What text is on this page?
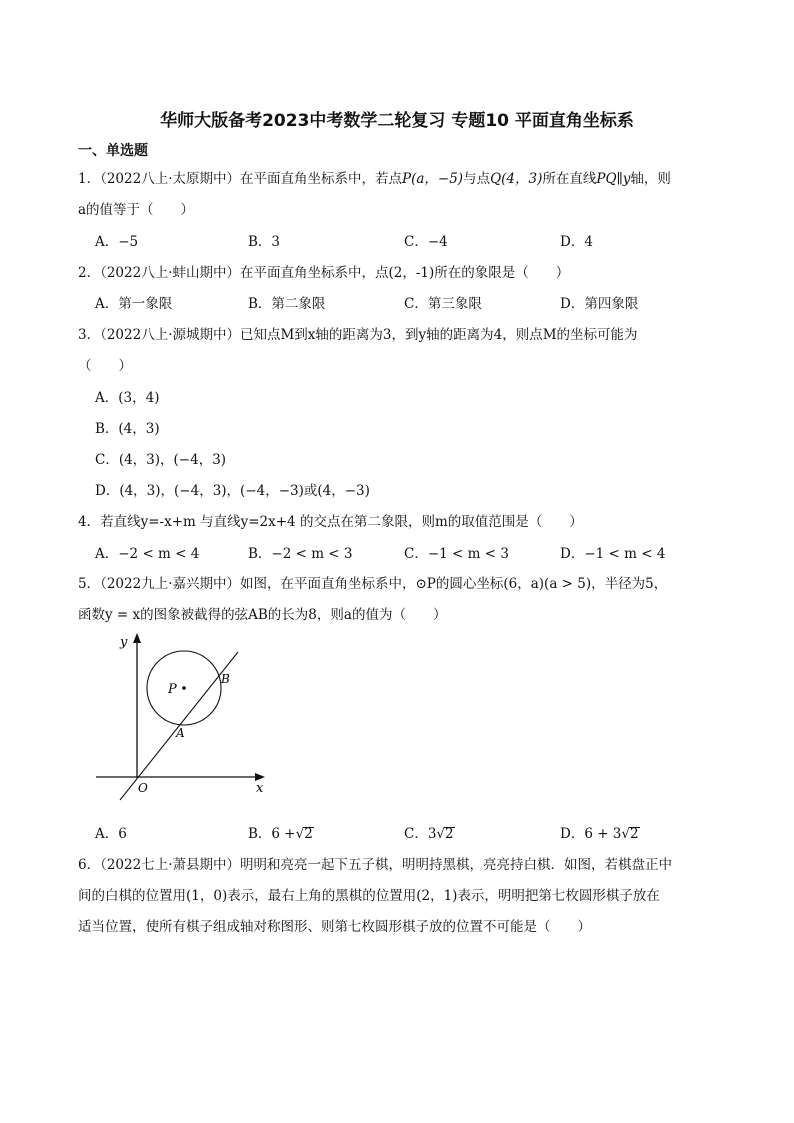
华师大版备考2023中考数学二轮复习 专题10 平面直角坐标系
一、单选题
1．（2022八上·太原期中）在平面直角坐标系中，若点P(a，−5)与点Q(4，3)所在直线PQ∥y轴，则
a的值等于（　　）
A．−5	B．3	C．−4	D．4
2．（2022八上·蚌山期中）在平面直角坐标系中，点(2，-1)所在的象限是（　　）
A．第一象限	B．第二象限	C．第三象限	D．第四象限
3．（2022八上·源城期中）已知点M到x轴的距离为3，到y轴的距离为4，则点M的坐标可能为
（　　）
A．(3，4)
B．(4，3)
C．(4，3)，(−4，3)
D．(4，3)，(−4，3)，(−4，−3)或(4，−3)
4．若直线y=-x+m 与直线y=2x+4 的交点在第二象限，则m的取值范围是（　　）
A．−2 < m < 4	B．−2 < m < 3	C．−1 < m < 3	D．−1 < m < 4
5．（2022九上·嘉兴期中）如图，在平面直角坐标系中，⊙P的圆心坐标(6，a)(a > 5)，半径为5，
函数y = x的图象被截得的弦AB的长为8，则a的值为（　　）
y
x
O
P
A
B
A．6	B．6 +√2	C．3√2	D．6 + 3√2
6．（2022七上·萧县期中）明明和亮亮一起下五子棋，明明持黑棋，亮亮持白棋．如图，若棋盘正中
间的白棋的位置用(1，0)表示，最右上角的黑棋的位置用(2，1)表示，明明把第七枚圆形棋子放在
适当位置，使所有棋子组成轴对称图形、则第七枚圆形棋子放的位置不可能是（　　）
